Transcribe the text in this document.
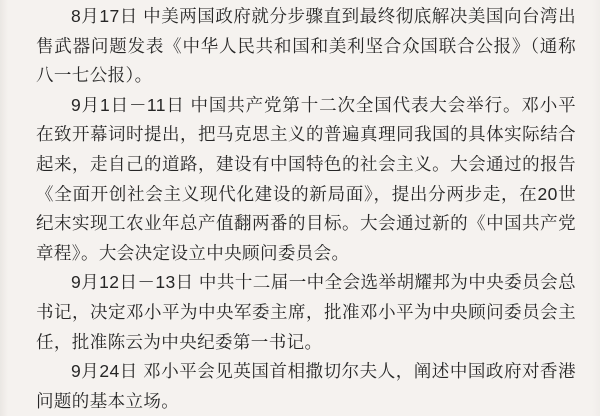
8月17日 中美两国政府就分步骤直到最终彻底解决美国向台湾出售武器问题发表《中华人民共和国和美利坚合众国联合公报》（通称八一七公报）。

9月1日－11日 中国共产党第十二次全国代表大会举行。邓小平在致开幕词时提出，把马克思主义的普遍真理同我国的具体实际结合起来，走自己的道路，建设有中国特色的社会主义。大会通过的报告《全面开创社会主义现代化建设的新局面》，提出分两步走，在20世纪末实现工农业年总产值翻两番的目标。大会通过新的《中国共产党章程》。大会决定设立中央顾问委员会。

9月12日－13日 中共十二届一中全会选举胡耀邦为中央委员会总书记，决定邓小平为中央军委主席，批准邓小平为中央顾问委员会主任，批准陈云为中央纪委第一书记。

9月24日 邓小平会见英国首相撒切尔夫人，阐述中国政府对香港问题的基本立场。
